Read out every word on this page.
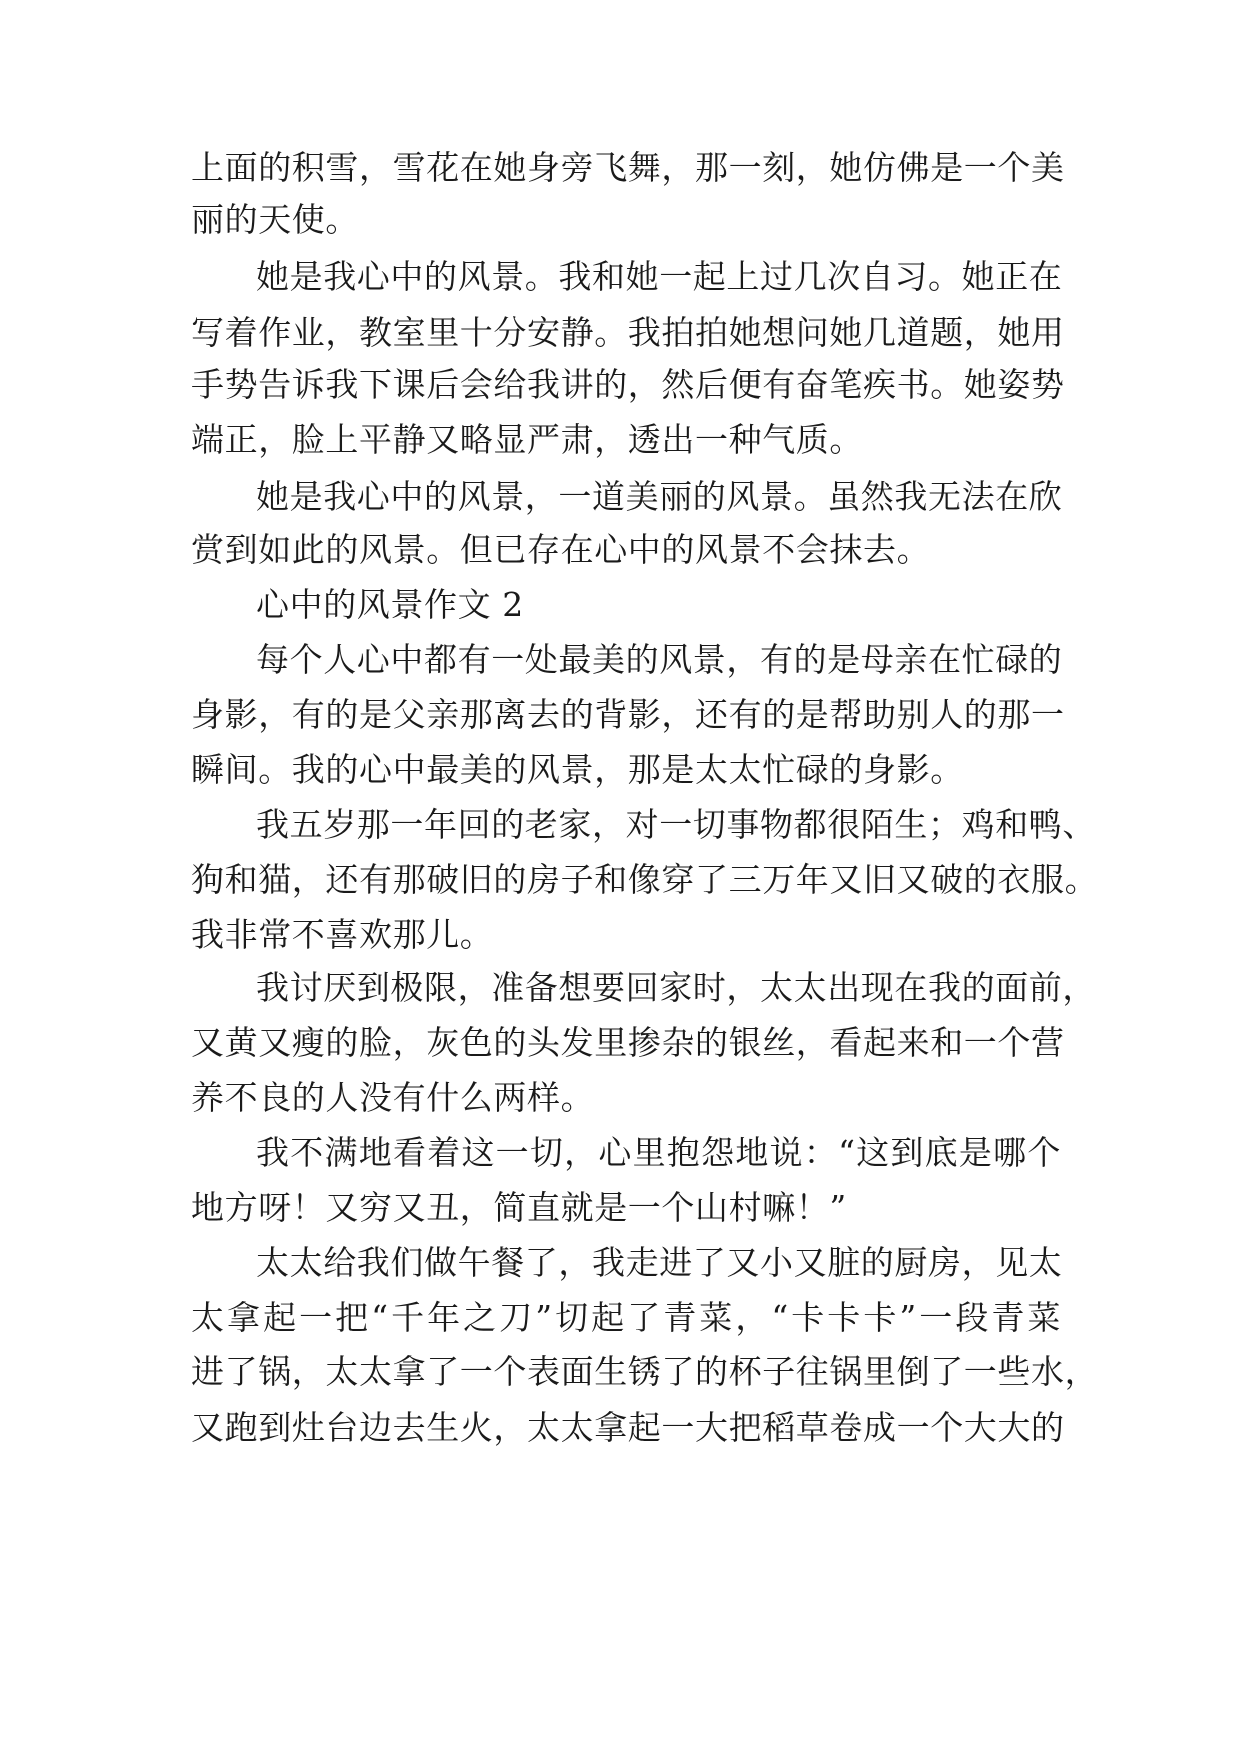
上面的积雪，雪花在她身旁飞舞，那一刻，她仿佛是一个美
丽的天使。
她是我心中的风景。我和她一起上过几次自习。她正在
写着作业，教室里十分安静。我拍拍她想问她几道题，她用
手势告诉我下课后会给我讲的，然后便有奋笔疾书。她姿势
端正，脸上平静又略显严肃，透出一种气质。
她是我心中的风景，一道美丽的风景。虽然我无法在欣
赏到如此的风景。但已存在心中的风景不会抹去。
心中的风景作文 2
每个人心中都有一处最美的风景，有的是母亲在忙碌的
身影，有的是父亲那离去的背影，还有的是帮助别人的那一
瞬间。我的心中最美的风景，那是太太忙碌的身影。
我五岁那一年回的老家，对一切事物都很陌生；鸡和鸭、
狗和猫，还有那破旧的房子和像穿了三万年又旧又破的衣服。
我非常不喜欢那儿。
我讨厌到极限，准备想要回家时，太太出现在我的面前，
又黄又瘦的脸，灰色的头发里掺杂的银丝，看起来和一个营
养不良的人没有什么两样。
我不满地看着这一切，心里抱怨地说：“这到底是哪个
地方呀！又穷又丑，简直就是一个山村嘛！”
太太给我们做午餐了，我走进了又小又脏的厨房，见太
太拿起一把“千年之刀”切起了青菜，“卡卡卡”一段青菜
进了锅，太太拿了一个表面生锈了的杯子往锅里倒了一些水，
又跑到灶台边去生火，太太拿起一大把稻草卷成一个大大的
